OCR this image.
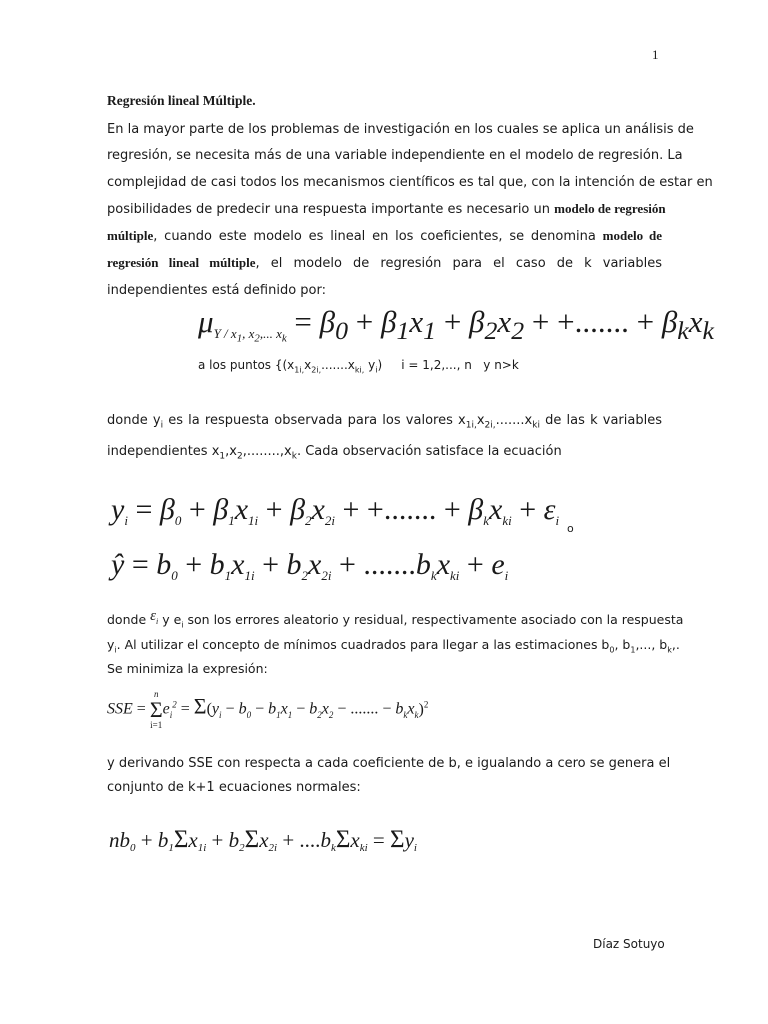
1
Regresión lineal Múltiple.
En la mayor parte de los problemas de investigación en los cuales se aplica un análisis de
regresión, se necesita más de una variable independiente en el modelo de regresión. La
complejidad de casi todos los mecanismos científicos es tal que, con la intención de estar en
posibilidades de predecir una respuesta importante es necesario un modelo de regresión
múltiple, cuando este modelo es lineal en los coeficientes, se denomina modelo de
regresión lineal múltiple, el modelo de regresión para el caso de k variables
independientes está definido por:
$\mu_{Y / x_1, x_2,... x_k} = \beta_0 + \beta_1x_1 + \beta_2x_2$ + +....... + $\beta_kx_k$
a los puntos {($x_{1i,}x_{2i,}.......x_{ki,}$ $y_i$)     i = 1,2,..., n   y n>k
donde $y_i$ es la respuesta observada para los valores $x_{1i,}x_{2i,}.......x_{ki}$ de las k variables
independientes $x_1,x_2,........,x_k$. Cada observación satisface la ecuación
$y_i = \beta_0 + \beta_1x_{1i} + \beta_2x_{2i}$ + +....... + $\beta_kx_{ki} + \varepsilon_i$
o
ŷ = $b_0 + b_1x_{1i} + b_2x_{2i} + .......b_kx_{ki} + e_i$
donde $\varepsilon_i$ y $e_i$ son los errores aleatorio y residual, respectivamente asociado con la respuesta
$y_i$. Al utilizar el concepto de mínimos cuadrados para llegar a las estimaciones $b_0$, $b_1$,..., $b_k$,.
Se minimiza la expresión:
SSE =
n
Σ
i=1
$e_i^2 = \Sigma(y_i - b_0 - b_1x_1 - b_2x_2$ − ....... − $b_kx_k)^2$
y derivando SSE con respecta a cada coeficiente de b, e igualando a cero se genera el
conjunto de k+1 ecuaciones normales:
nb0 + b1Σx1i + b2Σx2i + ....bkΣxki = Σyi
Díaz Sotuyo
